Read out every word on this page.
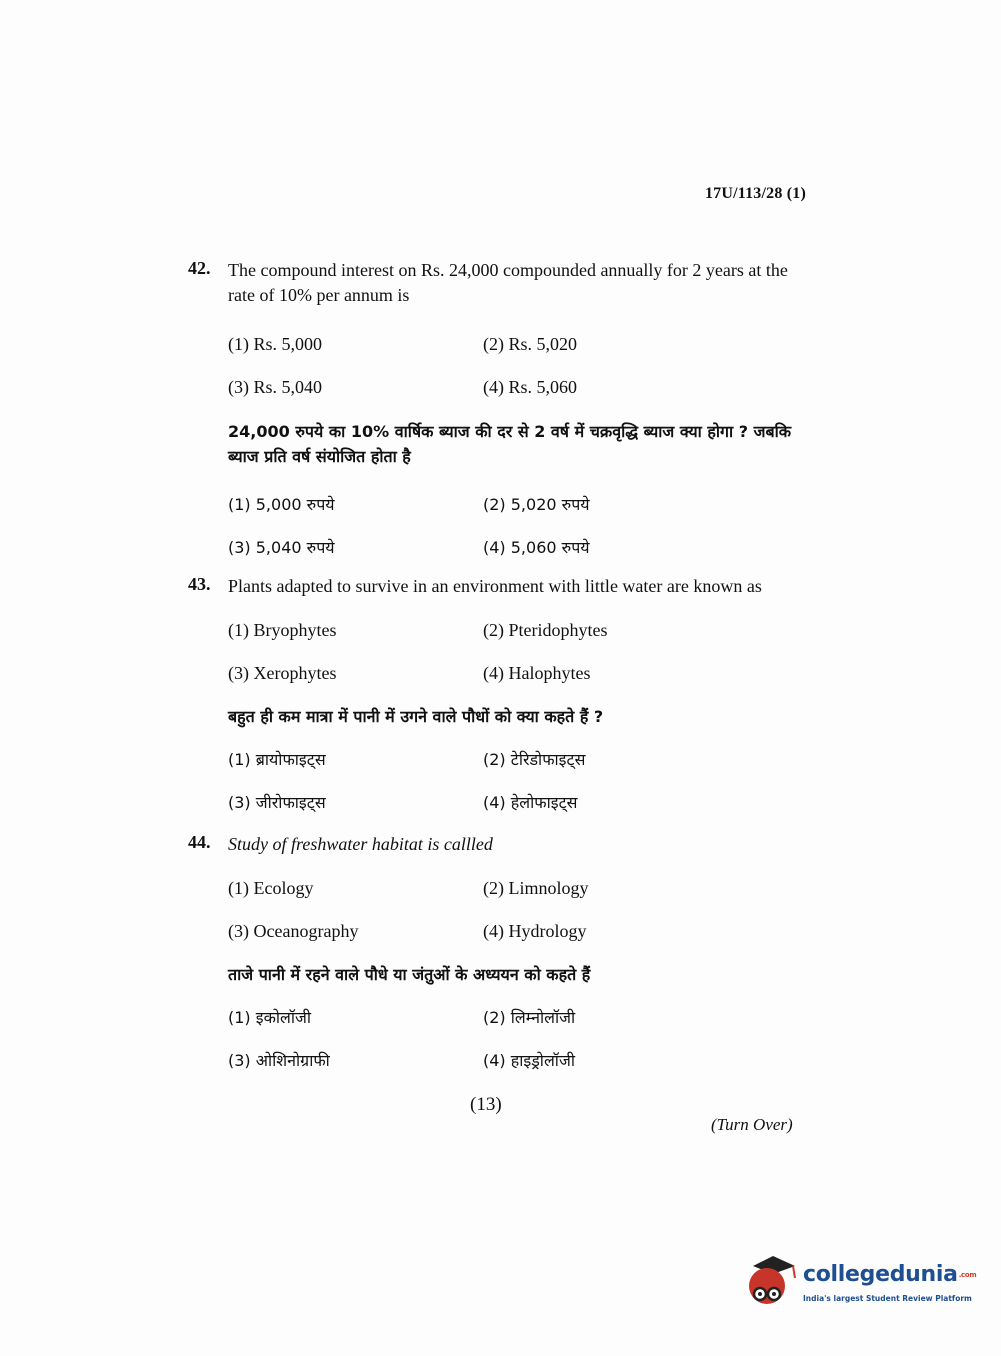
17U/113/28 (1)
42. The compound interest on Rs. 24,000 compounded annually for 2 years at the rate of 10% per annum is
(1) Rs. 5,000	(2) Rs. 5,020
(3) Rs. 5,040	(4) Rs. 5,060
24,000 रुपये का 10% वार्षिक ब्याज की दर से 2 वर्ष में चक्रवृद्धि ब्याज क्या होगा ? जबकि ब्याज प्रति वर्ष संयोजित होता है
(1) 5,000 रुपये	(2) 5,020 रुपये
(3) 5,040 रुपये	(4) 5,060 रुपये
43. Plants adapted to survive in an environment with little water are known as
(1) Bryophytes	(2) Pteridophytes
(3) Xerophytes	(4) Halophytes
बहुत ही कम मात्रा में पानी में उगने वाले पौधों को क्या कहते हैं ?
(1) ब्रायोफाइट्स	(2) टेरिडोफाइट्स
(3) जीरोफाइट्स	(4) हेलोफाइट्स
44. Study of freshwater habitat is callled
(1) Ecology	(2) Limnology
(3) Oceanography	(4) Hydrology
ताजे पानी में रहने वाले पौधे या जंतुओं के अध्ययन को कहते हैं
(1) इकोलॉजी	(2) लिम्नोलॉजी
(3) ओशिनोग्राफी	(4) हाइड्रोलॉजी
(13)
(Turn Over)
collegedunia.com
India's largest Student Review Platform
